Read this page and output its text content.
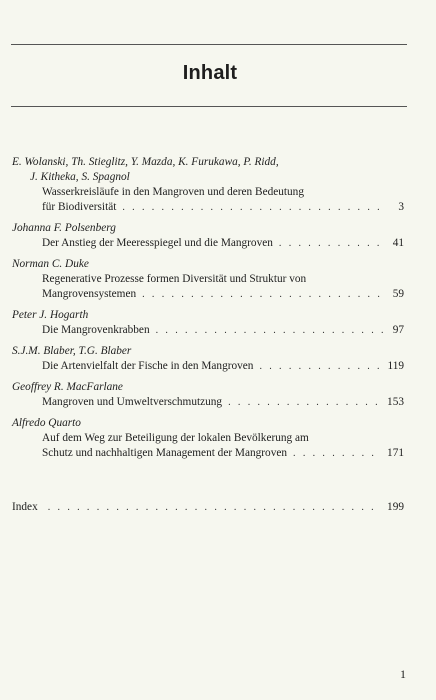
Inhalt
E. Wolanski, Th. Stieglitz, Y. Mazda, K. Furukawa, P. Ridd,
J. Kitheka, S. Spagnol
Wasserkreisläufe in den Mangroven und deren Bedeutung
für Biodiversität . . .	3
Johanna F. Polsenberg
Der Anstieg der Meeresspiegel und die Mangroven . . .	41
Norman C. Duke
Regenerative Prozesse formen Diversität und Struktur von
Mangrovensystemen . . .	59
Peter J. Hogarth
Die Mangrovenkrabben . . .	97
S.J.M. Blaber, T.G. Blaber
Die Artenvielfalt der Fische in den Mangroven . . .	119
Geoffrey R. MacFarlane
Mangroven und Umweltverschmutzung . . .	153
Alfredo Quarto
Auf dem Weg zur Beteiligung der lokalen Bevölkerung am
Schutz und nachhaltigen Management der Mangroven . . .	171
Index . . .	199
1
